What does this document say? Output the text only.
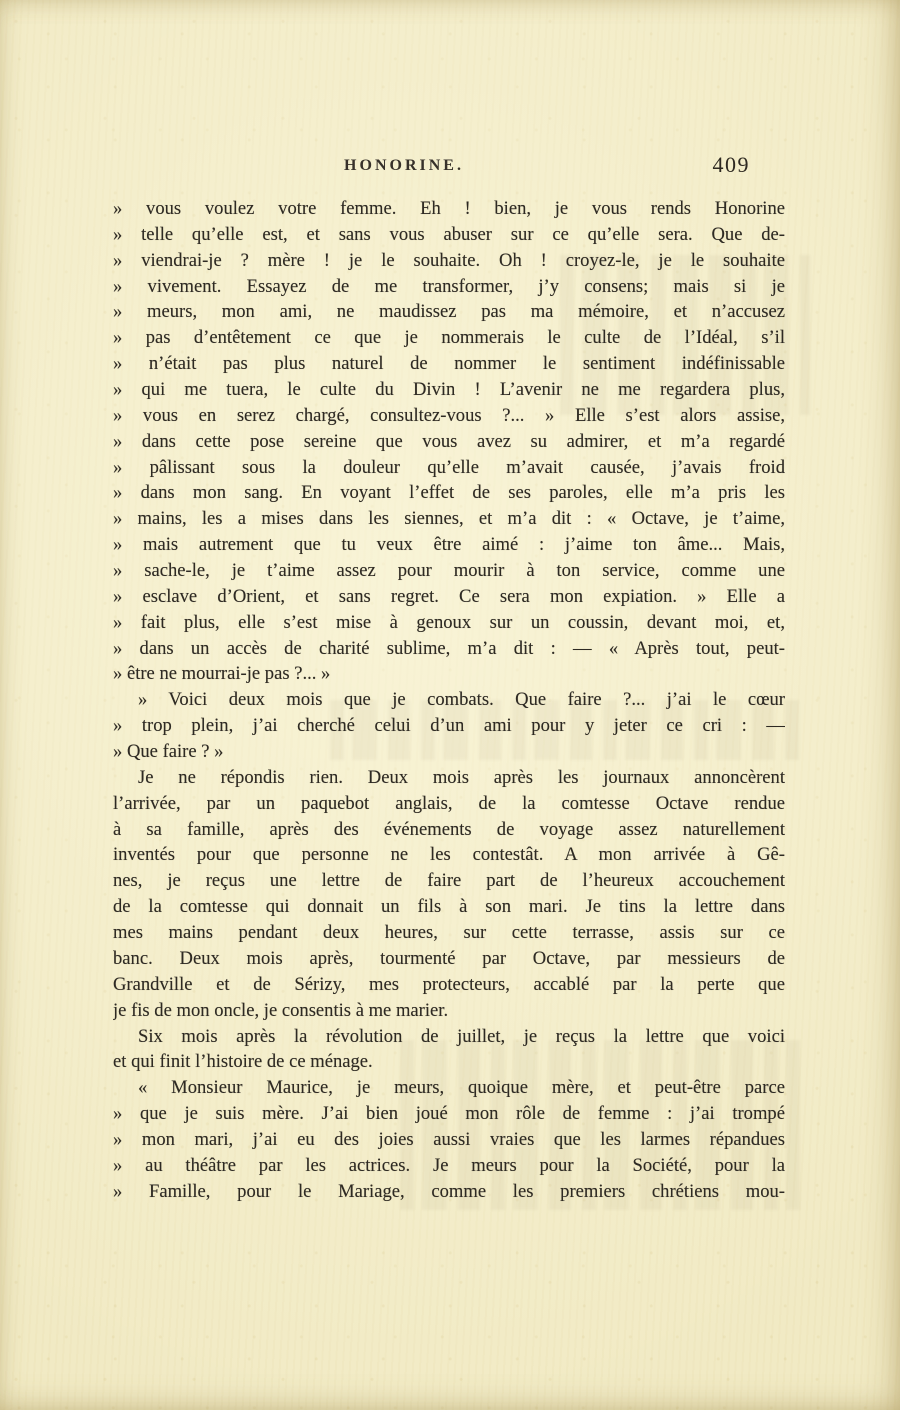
HONORINE.	409
» vous voulez votre femme. Eh ! bien, je vous rends Honorine
» telle qu’elle est, et sans vous abuser sur ce qu’elle sera. Que de-
» viendrai-je ? mère ! je le souhaite. Oh ! croyez-le, je le souhaite
» vivement. Essayez de me transformer, j’y consens; mais si je
» meurs, mon ami, ne maudissez pas ma mémoire, et n’accusez
» pas d’entêtement ce que je nommerais le culte de l’Idéal, s’il
» n’était pas plus naturel de nommer le sentiment indéfinissable
» qui me tuera, le culte du Divin ! L’avenir ne me regardera plus,
» vous en serez chargé, consultez-vous ?... » Elle s’est alors assise,
» dans cette pose sereine que vous avez su admirer, et m’a regardé
» pâlissant sous la douleur qu’elle m’avait causée, j’avais froid
» dans mon sang. En voyant l’effet de ses paroles, elle m’a pris les
» mains, les a mises dans les siennes, et m’a dit : « Octave, je t’aime,
» mais autrement que tu veux être aimé : j’aime ton âme... Mais,
» sache-le, je t’aime assez pour mourir à ton service, comme une
» esclave d’Orient, et sans regret. Ce sera mon expiation. » Elle a
» fait plus, elle s’est mise à genoux sur un coussin, devant moi, et,
» dans un accès de charité sublime, m’a dit : — « Après tout, peut-
» être ne mourrai-je pas ?... »
» Voici deux mois que je combats. Que faire ?... j’ai le cœur
» trop plein, j’ai cherché celui d’un ami pour y jeter ce cri : —
» Que faire ? »
Je ne répondis rien. Deux mois après les journaux annoncèrent
l’arrivée, par un paquebot anglais, de la comtesse Octave rendue
à sa famille, après des événements de voyage assez naturellement
inventés pour que personne ne les contestât. A mon arrivée à Gê-
nes, je reçus une lettre de faire part de l’heureux accouchement
de la comtesse qui donnait un fils à son mari. Je tins la lettre dans
mes mains pendant deux heures, sur cette terrasse, assis sur ce
banc. Deux mois après, tourmenté par Octave, par messieurs de
Grandville et de Sérizy, mes protecteurs, accablé par la perte que
je fis de mon oncle, je consentis à me marier.
Six mois après la révolution de juillet, je reçus la lettre que voici
et qui finit l’histoire de ce ménage.
« Monsieur Maurice, je meurs, quoique mère, et peut-être parce
» que je suis mère. J’ai bien joué mon rôle de femme : j’ai trompé
» mon mari, j’ai eu des joies aussi vraies que les larmes répandues
» au théâtre par les actrices. Je meurs pour la Société, pour la
» Famille, pour le Mariage, comme les premiers chrétiens mou-
